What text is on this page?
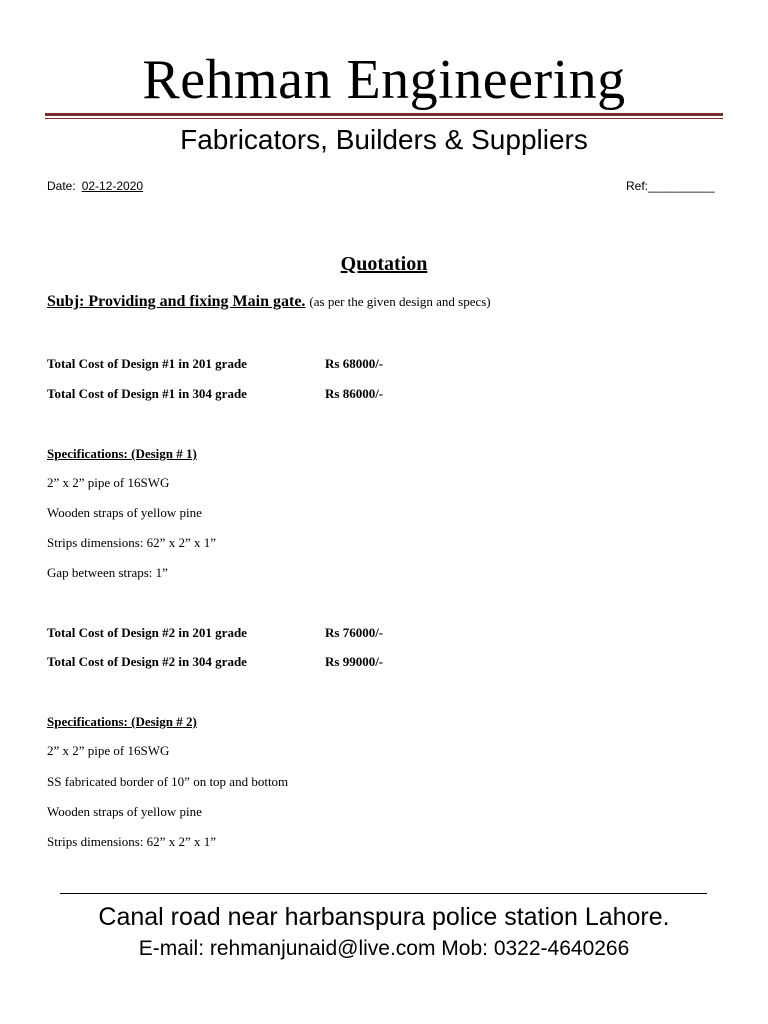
Rehman Engineering
Fabricators, Builders & Suppliers
Date: 02-12-2020	Ref:__________
Quotation
Subj: Providing and fixing Main gate. (as per the given design and specs)
Total Cost of Design #1 in 201 grade	Rs 68000/-
Total Cost of Design #1 in 304 grade	Rs 86000/-
Specifications: (Design # 1)
2” x 2” pipe of 16SWG
Wooden straps of yellow pine
Strips dimensions: 62” x 2” x 1”
Gap between straps: 1”
Total Cost of Design #2 in 201 grade	Rs 76000/-
Total Cost of Design #2 in 304 grade	Rs 99000/-
Specifications: (Design # 2)
2” x 2” pipe of 16SWG
SS fabricated border of 10” on top and bottom
Wooden straps of yellow pine
Strips dimensions: 62” x 2” x 1”
Canal road near harbanspura police station Lahore.
E-mail: rehmanjunaid@live.com Mob: 0322-4640266
